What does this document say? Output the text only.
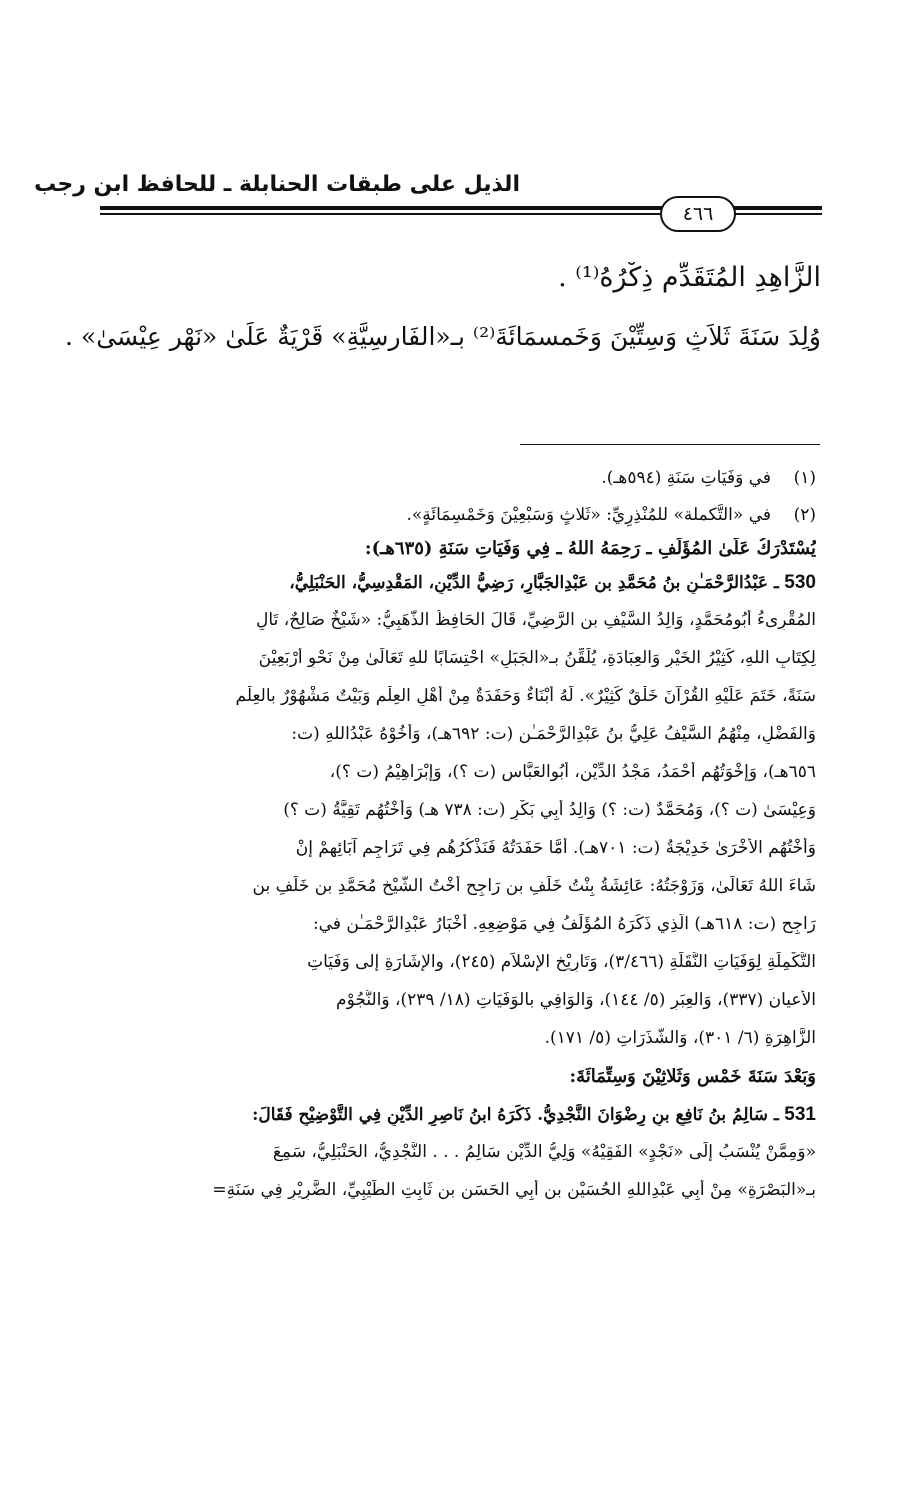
الذيل على طبقات الحنابلة ـ للحافظ ابن رجب
٤٦٦
الزَّاهِدِ المُتَقَدِّمِ ذِكْرُهُ⁽¹⁾ .
وُلِدَ سَنَةَ ثَلاَثٍ وَسِتِّيْنَ وَخَمسمَائَةَ⁽²⁾ بـ«الفَارِسِيَّةِ» قَرْيَةٌ عَلَىٰ «نَهْرِ عِيْسَىٰ» .
(١)
في وَفَيَاتِ سَنَةِ (٥٩٤هـ).
(٢)
في «التَّكملة» للمُنْذِرِيِّ: «ثَلاثٍ وَسَبْعِيْنَ وَخَمْسِمَائَةٍ».
يُسْتَدْرَكُ عَلَىٰ المُؤَلِّفِ ـ رَحِمَهُ اللهُ ـ فِي وَفَيَاتِ سَنَةِ (٦٣٥هـ):
530 ـ عَبْدُالرَّحْمَـٰنِ بنُ مُحَمَّدِ بن عَبْدِالجَبَّارِ، رَضِيُّ الدِّيْنِ، المَقْدِسِيُّ، الحَنْبَلِيُّ،
المُقْرِىءُ أَبُومُحَمَّدٍ، وَالِدُ السَّيْفِ بنِ الرَّضِيِّ، قَالَ الحَافِظُ الذَّهَبِيُّ: «شَيْخٌ صَالِحٌ، تَالٍ
لِكِتَابِ اللهِ، كَثِيْرُ الخَيْرِ وَالعِبَادَةِ، يُلَقِّنُ بـ«الجَبَلِ» احْتِسَابًا للهِ تَعَالَىٰ مِنْ نَحْوِ أَرْبَعِيْنَ
سَنَةً، خَتَمَ عَلَيْهِ القُرْآنَ خَلْقٌ كَثِيْرٌ». لَهُ أَبْنَاءٌ وَحَفَدَةٌ مِنْ أَهْلِ العِلْمِ وَبَيْتٌ مَشْهُوْرٌ بالعِلْمِ
وَالفَضْلِ، مِنْهُمُ السَّيْفُ عَلِيُّ بنُ عَبْدِالرَّحْمَـٰنِ (ت: ٦٩٢هـ)، وَأَخُوْهُ عَبْدُاللهِ (ت:
٦٥٦هـ)، وَإِخْوَتُهُم أَحْمَدُ، مَجْدُ الدِّيْنِ، أَبُوالعَبَّاسِ (ت ؟)، وَإِبْرَاهِيْمُ (ت ؟)،
وَعِيْسَىٰ (ت ؟)، وَمُحَمَّدٌ (ت: ؟) وَالِدُ أَبِي بَكْرٍ (ت: ٧٣٨ هـ) وَأُخْتُهُم تَقِيَّةُ (ت ؟)
وَأُخْتُهُم الأُخْرَىٰ خَدِيْجَةُ (ت: ٧٠١هـ). أَمَّا حَفَدَتُهُ فَنَذْكُرُهُم فِي تَرَاجِمِ آبَائِهِمْ إِنْ
شَاءَ اللهُ تَعَالَىٰ، وَزَوْجَتُهُ: عَائِشَةُ بِنْتُ خَلَفِ بنِ رَاجِحٍ أُخْتُ الشَّيْخِ مُحَمَّدِ بنِ خَلَفِ بنِ
رَاجِحٍ (ت: ٦١٨هـ) الَّذِي ذَكَرَهُ المُؤَلِّفُ فِي مَوْضِعِهِ. أَخْبَارُ عَبْدِالرَّحْمَـٰنِ في:
التَّكْمِلَةِ لِوَفَيَاتِ النَّقَلَةِ (٣/٤٦٦)، وَتَارِيْخِ الإِسْلاَمِ (٢٤٥)، والإِشَارَةِ إِلى وَفَيَاتِ
الأعيان (٣٣٧)، وَالعِبَرِ (٥/ ١٤٤)، وَالوَافِي بالوَفَيَاتِ (١٨/ ٢٣٩)، وَالنُّجُوْمِ
الزَّاهِرَةِ (٦/ ٣٠١)، وَالشَّذَرَاتِ (٥/ ١٧١).
وَبَعْدَ سَنَةَ خَمْسٍ وَثَلاثِيْنَ وَسِتِّمَائَةَ:
531 ـ سَالِمُ بنُ نَافِعِ بنِ رِضْوَانَ النَّجْدِيُّ. ذَكَرَهُ ابنُ نَاصِرِ الدِّيْنِ فِي التَّوْضِيْحِ فَقَالَ:
«وَمِمَّنْ يُنْسَبُ إِلَى «نَجْدٍ» الفَقِيْهُ» وَلِيُّ الدِّيْنِ سَالِمُ . . . النَّجْدِيُّ، الحَنْبَلِيُّ، سَمِعَ
بـ«البَصْرَةِ» مِنْ أَبِي عَبْدِاللهِ الحُسَيْنِ بنِ أَبِي الحَسَنِ بنِ ثَابِتِ الطِّيْبِيِّ، الضَّرِيْرِ فِي سَنَةِ=
